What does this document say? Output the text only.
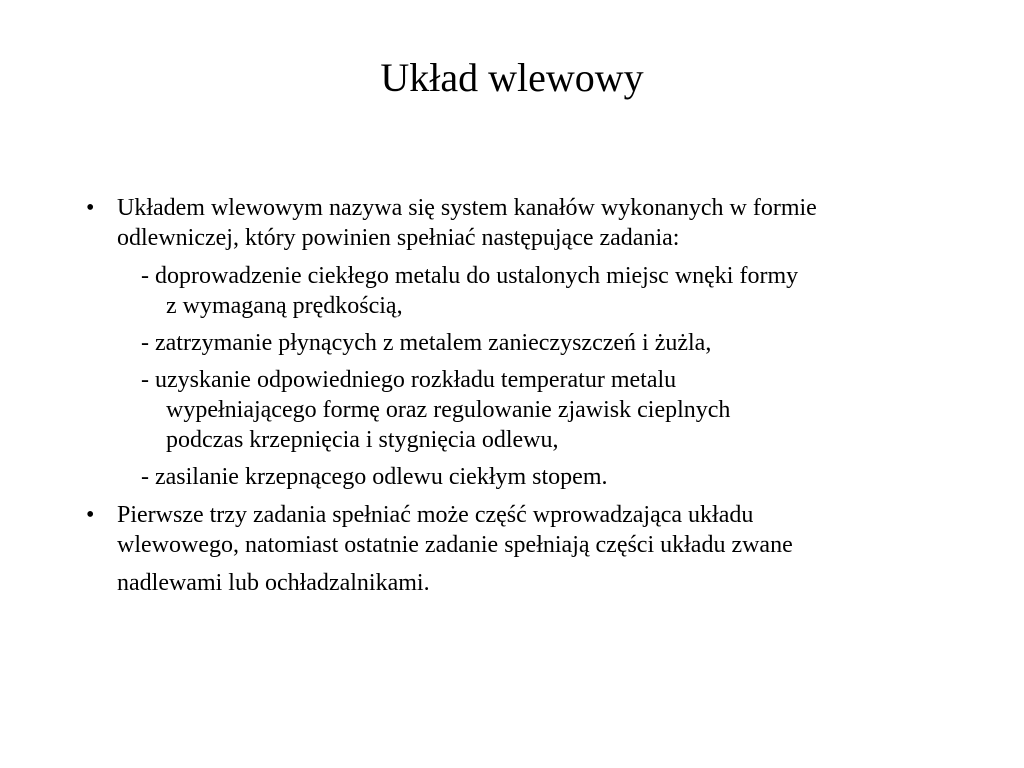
Układ wlewowy
• Układem wlewowym nazywa się system kanałów wykonanych w formie
odlewniczej, który powinien spełniać następujące zadania:
- doprowadzenie ciekłego metalu do ustalonych miejsc wnęki formy
z wymaganą prędkością,
- zatrzymanie płynących z metalem zanieczyszczeń i żużla,
- uzyskanie odpowiedniego rozkładu temperatur metalu
wypełniającego formę oraz regulowanie zjawisk cieplnych
podczas krzepnięcia i stygnięcia odlewu,
- zasilanie krzepnącego odlewu ciekłym stopem.
• Pierwsze trzy zadania spełniać może część wprowadzająca układu
wlewowego, natomiast ostatnie zadanie spełniają części układu zwane
nadlewami lub ochładzalnikami.
